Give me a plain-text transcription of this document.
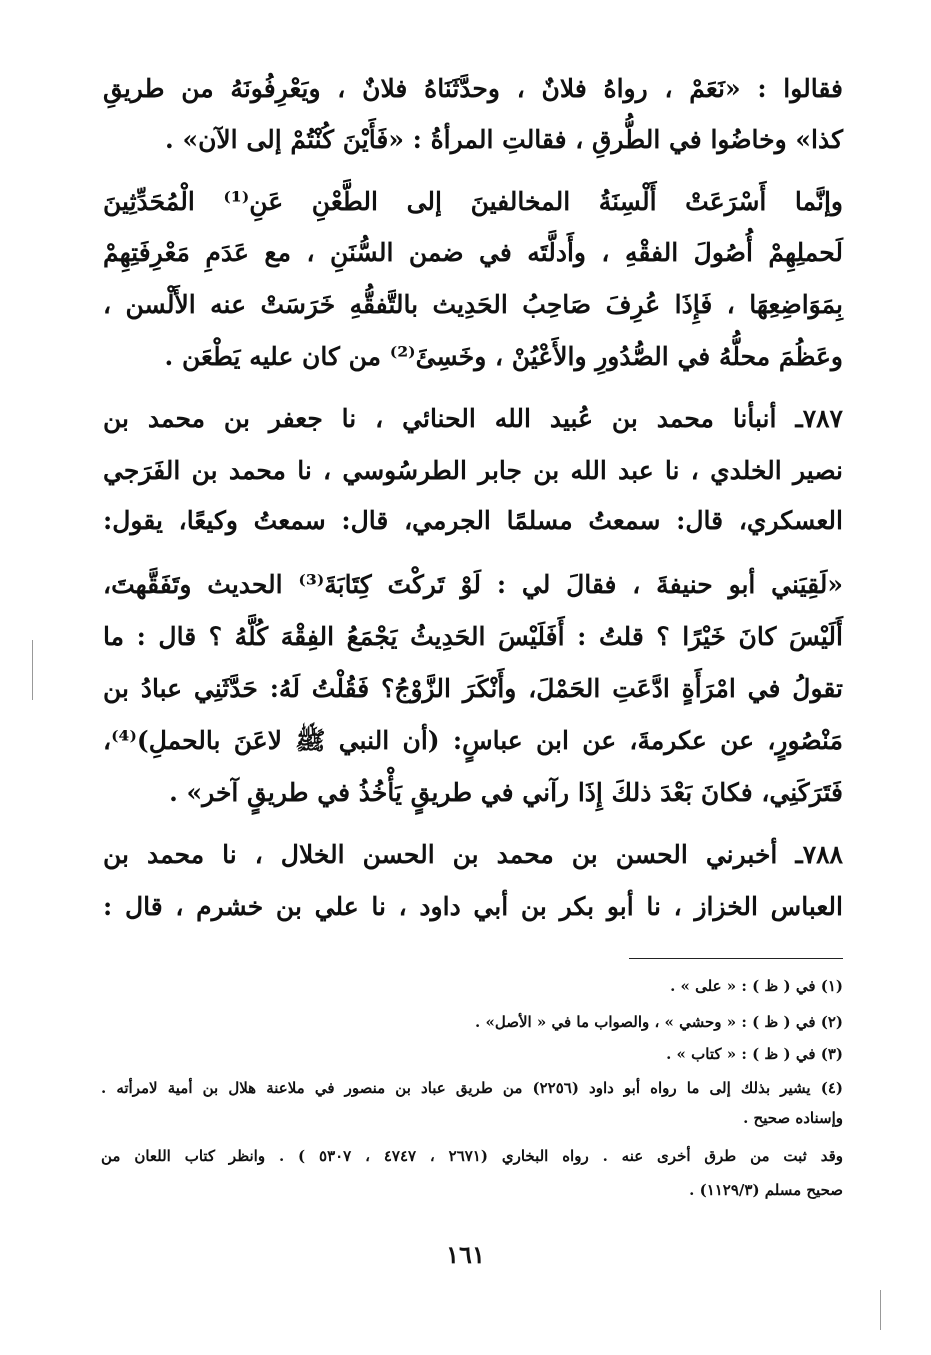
فقالوا : «نَعَمْ ، رواهُ فلانٌ ، وحدَّثَنَاهُ فلانٌ ، ويَعْرِفُونَهُ من طريقِ
كذا» وخاضُوا في الطُّرقِ ، فقالتِ المرأةُ : «فَأَيْنَ كُنْتُمْ إلى الآن» .
وإنَّما أَسْرَعَتْ أَلْسِنَةُ المخالفينَ إلى الطَّعْنِ عَنِ⁽¹⁾ الْمُحَدِّثِينَ
لَحملِهِمْ أُصُولَ الفقْهِ ، وأَدلَّتَه في ضمن السُّنَنِ ، مع عَدَمِ مَعْرِفَتِهِمْ
بِمَوَاضِعِهَا ، فَإِذَا عُرِفَ صَاحِبُ الحَدِيث بالتَّفقُّهِ خَرَسَتْ عنه الأَلْسن ،
وعَظُمَ محلُّهُ في الصُّدُورِ والأَعْيُنْ ، وخَسِئَ⁽²⁾ من كان عليه يَطْعَن .
٧٨٧ـ أنبأنا محمد بن عُبيد الله الحنائي ، نا جعفر بن محمد بن
نصير الخلدي ، نا عبد الله بن جابر الطرسُوسي ، نا محمد بن الفَرَجي
العسكري، قال: سمعتُ مسلمًا الجرمي، قال: سمعتُ وكيعًا، يقول:
«لَقِيَني أبو حنيفةَ ، فقالَ لي : لَوْ تَركْتَ كِتَابَةَ⁽³⁾ الحديث وتَفَقَّهتَ،
أَلَيْسَ كانَ خَيْرًا ؟ قلتُ : أَفَلَيْسَ الحَدِيثُ يَجْمَعُ الفِقْهَ كُلَّهُ ؟ قال : ما
تقولُ في امْرَأَةٍ ادَّعَتِ الحَمْلَ، وأَنْكَرَ الزَّوْجُ؟ فَقُلْتُ لَهُ: حَدَّثَنِي عبادُ بن
مَنْصُورٍ، عن عكرمةَ، عن ابن عباسٍ: (أن النبي ﷺ لاعَنَ بالحملِ)⁽⁴⁾،
فَتَرَكَنِي، فكانَ بَعْدَ ذلكَ إِذَا رآني في طريقٍ يَأْخُذُ في طريقٍ آخر» .
٧٨٨ـ أخبرني الحسن بن محمد بن الحسن الخلال ، نا محمد بن
العباس الخزاز ، نا أبو بكر بن أبي داود ، نا علي بن خشرم ، قال :
(١) في ( ظ ) : « على » .
(٢) في ( ظ ) : « وحشي » ، والصواب ما في « الأصل» .
(٣) في ( ظ ) : « كتاب » .
(٤) يشير بذلك إلى ما رواه أبو داود (٢٢٥٦) من طريق عباد بن منصور في ملاعنة هلال بن أمية لامرأته .
وإسناده صحيح .
وقد ثبت من طرق أخرى عنه . رواه البخاري (٢٦٧١ ، ٤٧٤٧ ، ٥٣٠٧ ) . وانظر كتاب اللعان من
صحيح مسلم (١١٢٩/٣) .
١٦١
